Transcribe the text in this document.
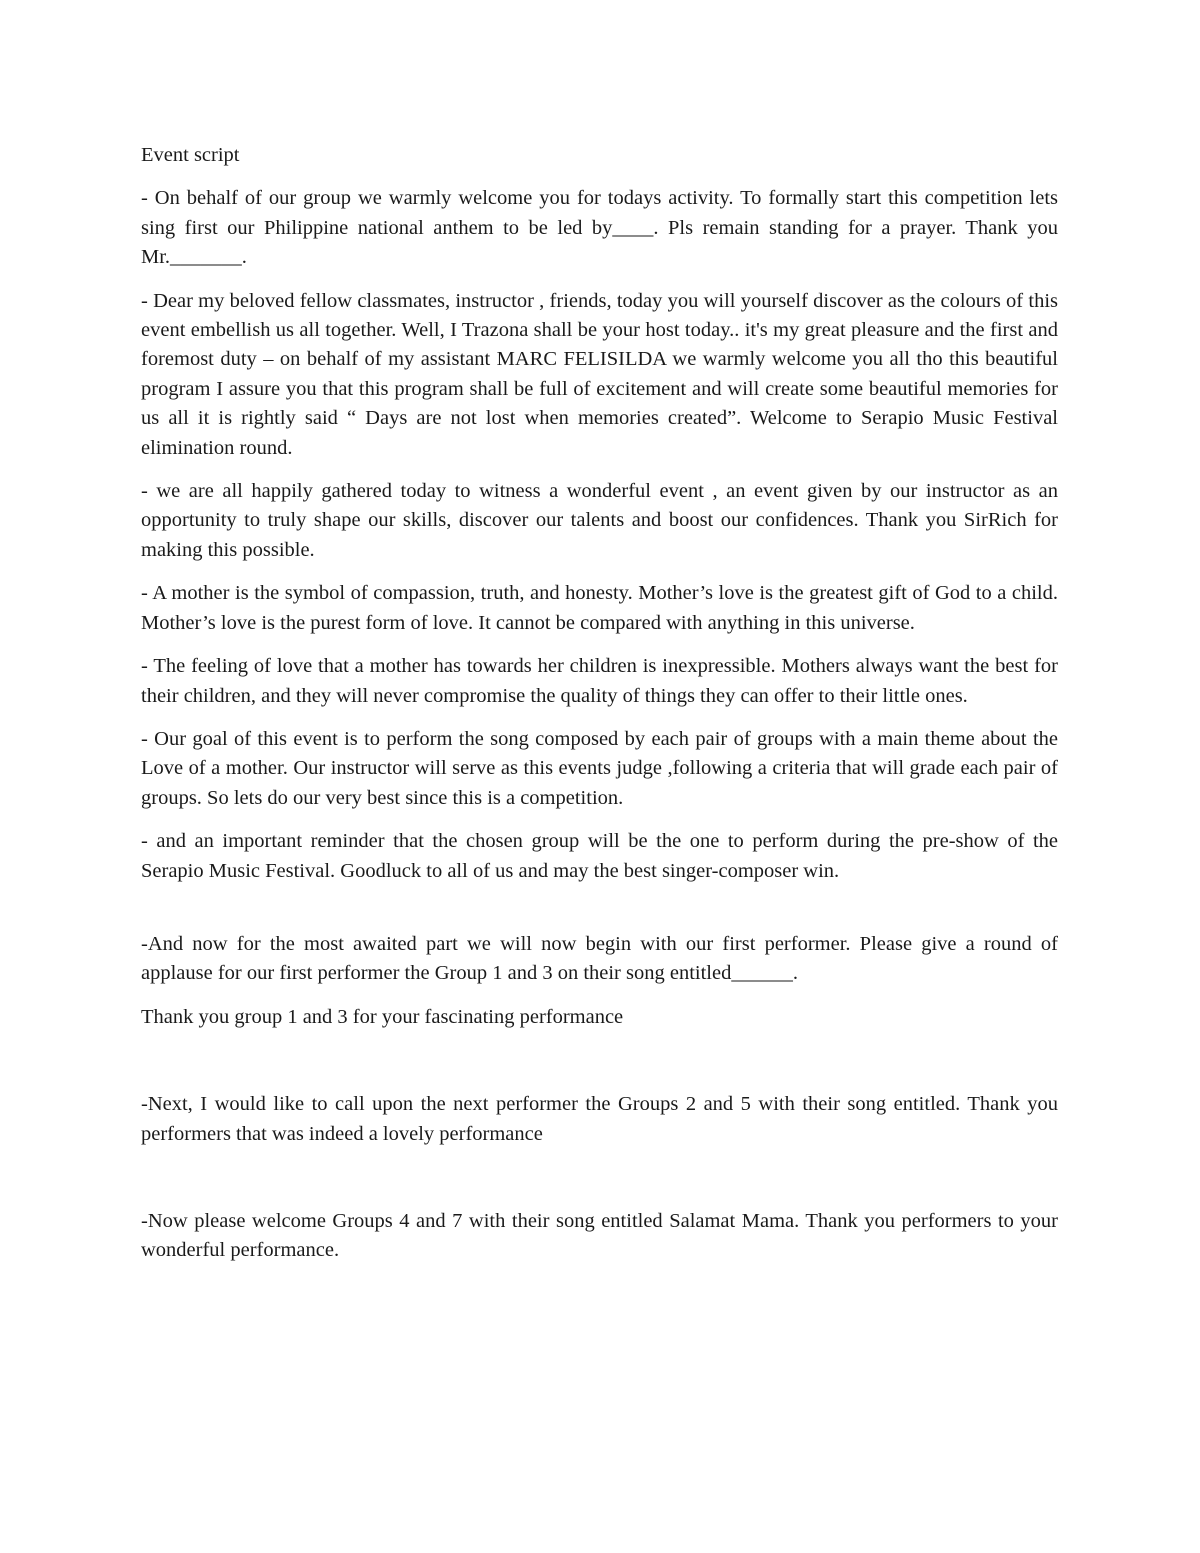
Event script

- On behalf of our group we warmly welcome you for todays activity. To formally start this competition lets sing first our Philippine national anthem to be led by____. Pls remain standing for a prayer. Thank you Mr._______.

- Dear my beloved fellow classmates, instructor , friends, today you will yourself discover as the colours of this event embellish us all together. Well, I Trazona shall be your host today.. it's my great pleasure and the first and foremost duty – on behalf of my assistant MARC FELISILDA we warmly welcome you all tho this beautiful program I assure you that this program shall be full of excitement and will create some beautiful memories for us all it is rightly said “ Days are not lost when memories created”. Welcome to Serapio Music Festival elimination round.

- we are all happily gathered today to witness a wonderful event , an event given by our instructor as an opportunity to truly shape our skills, discover our talents and boost our confidences. Thank you SirRich for making this possible.

- A mother is the symbol of compassion, truth, and honesty. Mother’s love is the greatest gift of God to a child. Mother’s love is the purest form of love. It cannot be compared with anything in this universe.

- The feeling of love that a mother has towards her children is inexpressible. Mothers always want the best for their children, and they will never compromise the quality of things they can offer to their little ones.

- Our goal of this event is to perform the song composed by each pair of groups with a main theme about the Love of a mother. Our instructor will serve as this events judge ,following a criteria that will grade each pair of groups. So lets do our very best since this is a competition.

- and an important reminder that the chosen group will be the one to perform during the pre-show of the Serapio Music Festival. Goodluck to all of us and may the best singer-composer win.

-And now for the most awaited part we will now begin with our first performer. Please give a round of applause for our first performer the Group 1 and 3 on their song entitled______.

Thank you group 1 and 3 for your fascinating performance

-Next, I would like to call upon the next performer the Groups 2 and 5 with their song entitled. Thank you performers that was indeed a lovely performance

-Now please welcome Groups 4 and 7 with their song entitled Salamat Mama. Thank you performers to your wonderful performance.
